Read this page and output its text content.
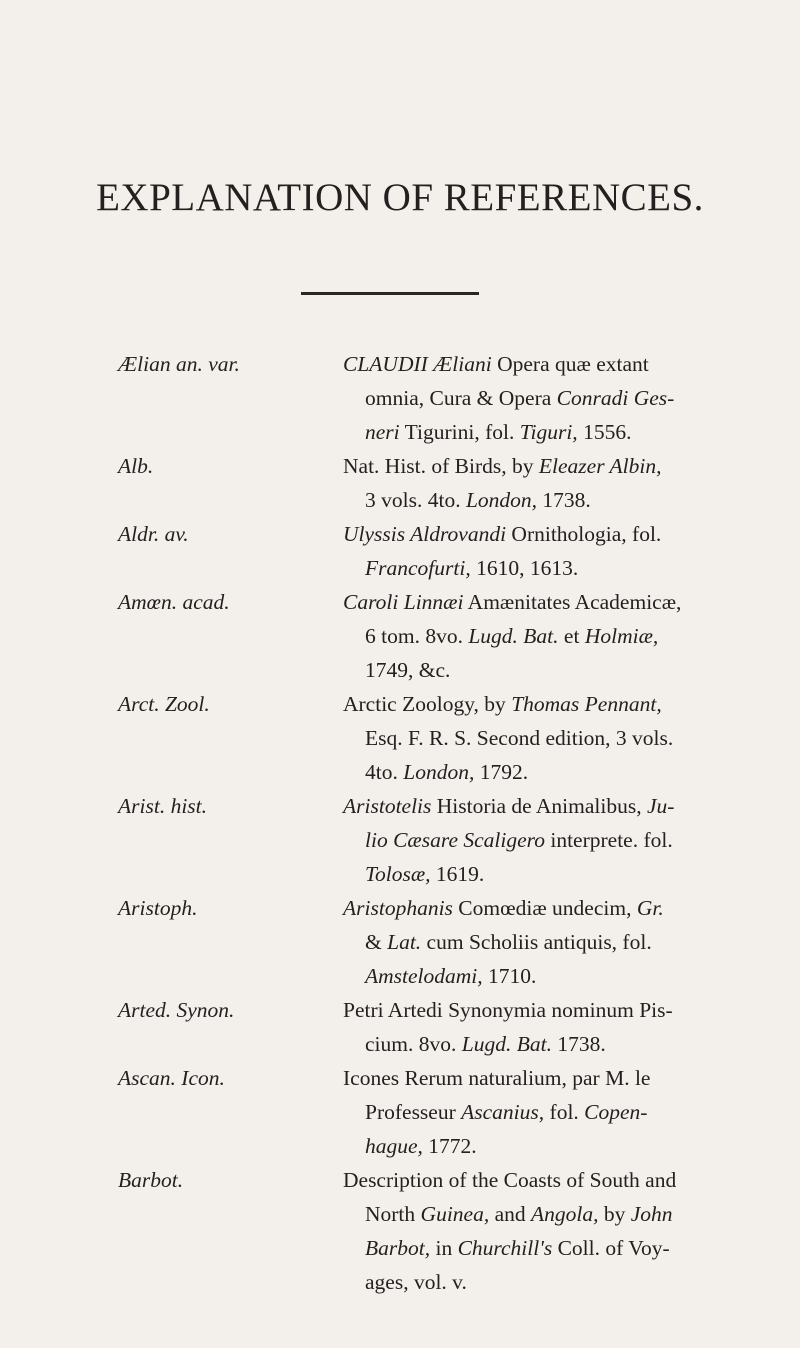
EXPLANATION OF REFERENCES.
Ælian an. var.	CLAUDII Æliani Opera quæ extant
omnia, Cura & Opera Conradi Ges-
neri Tigurini, fol. Tiguri, 1556.
Alb.	Nat. Hist. of Birds, by Eleazer Albin,
3 vols. 4to. London, 1738.
Aldr. av.	Ulyssis Aldrovandi Ornithologia, fol.
Francofurti, 1610, 1613.
Amœn. acad.	Caroli Linnæi Amænitates Academicæ,
6 tom. 8vo. Lugd. Bat. et Holmiæ,
1749, &c.
Arct. Zool.	Arctic Zoology, by Thomas Pennant,
Esq. F. R. S. Second edition, 3 vols.
4to. London, 1792.
Arist. hist.	Aristotelis Historia de Animalibus, Ju-
lio Cæsare Scaligero interprete. fol.
Tolosæ, 1619.
Aristoph.	Aristophanis Comœdiæ undecim, Gr.
& Lat. cum Scholiis antiquis, fol.
Amstelodami, 1710.
Arted. Synon.	Petri Artedi Synonymia nominum Pis-
cium. 8vo. Lugd. Bat. 1738.
Ascan. Icon.	Icones Rerum naturalium, par M. le
Professeur Ascanius, fol. Copen-
hague, 1772.
Barbot.	Description of the Coasts of South and
North Guinea, and Angola, by John
Barbot, in Churchill's Coll. of Voy-
ages, vol. v.
